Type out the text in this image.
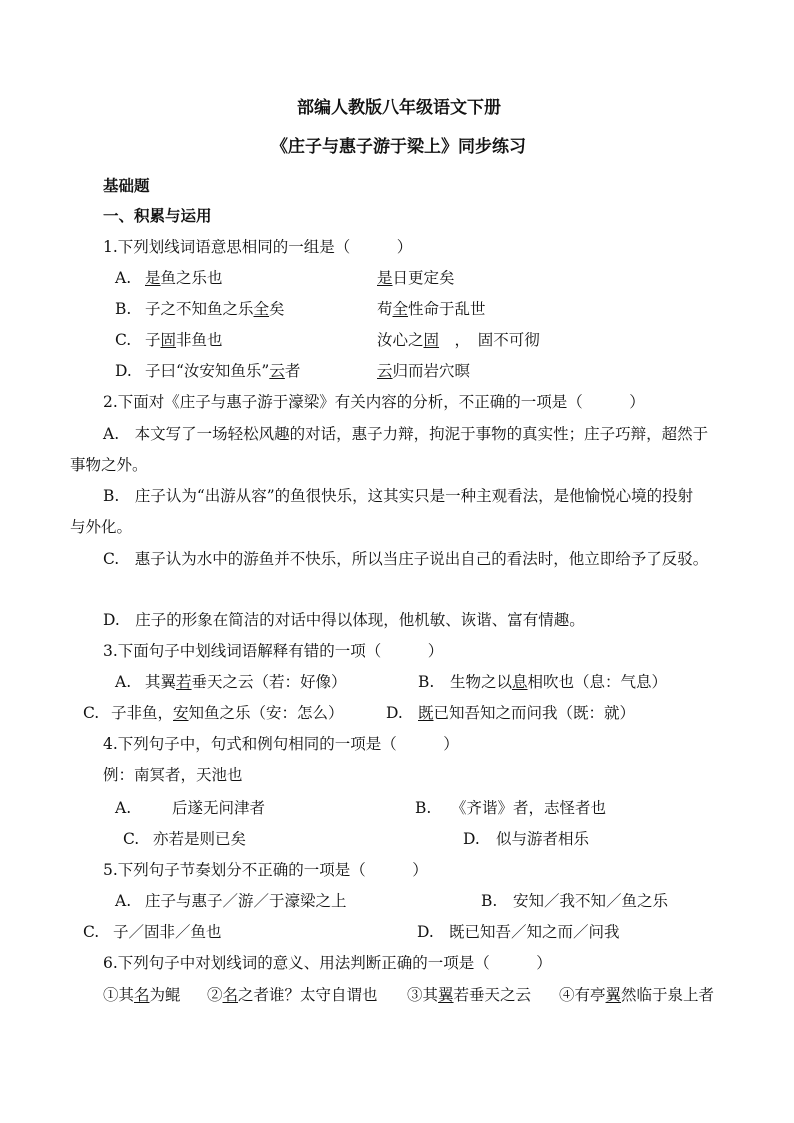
部编人教版八年级语文下册
《庄子与惠子游于梁上》同步练习
基础题
一、积累与运用
1.下列划线词语意思相同的一组是（　　　）
A. 是鱼之乐也	是日更定矣
B. 子之不知鱼之乐全矣	苟全性命于乱世
C. 子固非鱼也	汝心之固　，　固不可彻
D. 子曰“汝安知鱼乐”云者	云归而岩穴暝
2.下面对《庄子与惠子游于濠梁》有关内容的分析，不正确的一项是（　　　）
A.　本文写了一场轻松风趣的对话，惠子力辩，拘泥于事物的真实性；庄子巧辩，超然于
事物之外。
B.　庄子认为“出游从容”的鱼很快乐，这其实只是一种主观看法，是他愉悦心境的投射
与外化。
C.　惠子认为水中的游鱼并不快乐，所以当庄子说出自己的看法时，他立即给予了反驳。
D.　庄子的形象在简洁的对话中得以体现，他机敏、诙谐、富有情趣。
3.下面句子中划线词语解释有错的一项（　　　）
A. 其翼若垂天之云（若：好像）	B. 生物之以息相吹也（息：气息）
C. 子非鱼，安知鱼之乐（安：怎么）	D. 既已知吾知之而问我（既：就）
4.下列句子中，句式和例句相同的一项是（　　　）
例：南冥者，天池也
A.	后遂无问津者	B. 《齐谐》者，志怪者也
C. 亦若是则已矣	D. 似与游者相乐
5.下列句子节奏划分不正确的一项是（　　　）
A. 庄子与惠子／游／于濠梁之上	B. 安知／我不知／鱼之乐
C. 子／固非／鱼也	D. 既已知吾／知之而／问我
6.下列句子中对划线词的意义、用法判断正确的一项是（　　　）
①其名为鲲 ②名之者谁？太守自谓也 ③其翼若垂天之云 ④有亭翼然临于泉上者
